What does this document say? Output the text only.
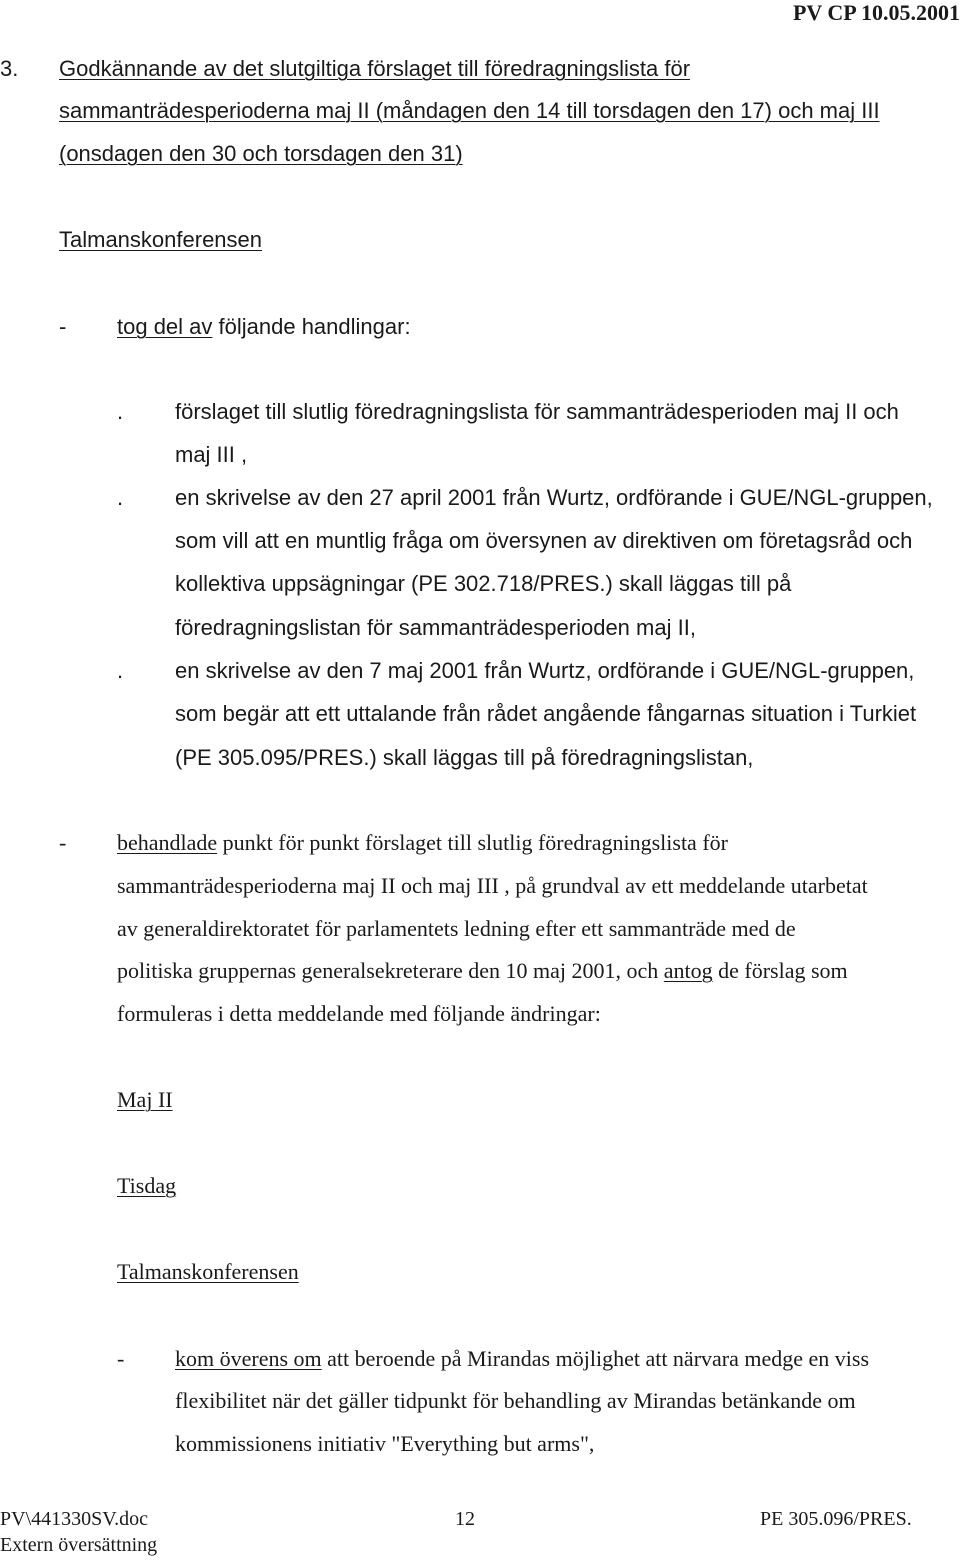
PV CP 10.05.2001
3. Godkännande av det slutgiltiga förslaget till föredragningslista för
sammanträdesperioderna maj II (måndagen den 14 till torsdagen den 17) och maj III
(onsdagen den 30 och torsdagen den 31)
Talmanskonferensen
- tog del av följande handlingar:
. förslaget till slutlig föredragningslista för sammanträdesperioden maj II och
maj III ,
. en skrivelse av den 27 april 2001 från Wurtz, ordförande i GUE/NGL-gruppen,
som vill att en muntlig fråga om översynen av direktiven om företagsråd och
kollektiva uppsägningar (PE 302.718/PRES.) skall läggas till på
föredragningslistan för sammanträdesperioden maj II,
. en skrivelse av den 7 maj 2001 från Wurtz, ordförande i GUE/NGL-gruppen,
som begär att ett uttalande från rådet angående fångarnas situation i Turkiet
(PE 305.095/PRES.) skall läggas till på föredragningslistan,
- behandlade punkt för punkt förslaget till slutlig föredragningslista för
sammanträdesperioderna maj II och maj III , på grundval av ett meddelande utarbetat
av generaldirektoratet för parlamentets ledning efter ett sammanträde med de
politiska gruppernas generalsekreterare den 10 maj 2001, och antog de förslag som
formuleras i detta meddelande med följande ändringar:
Maj II
Tisdag
Talmanskonferensen
- kom överens om att beroende på Mirandas möjlighet att närvara medge en viss
flexibilitet när det gäller tidpunkt för behandling av Mirandas betänkande om
kommissionens initiativ "Everything but arms",
PV\441330SV.doc
Extern översättning
12	PE 305.096/PRES.
